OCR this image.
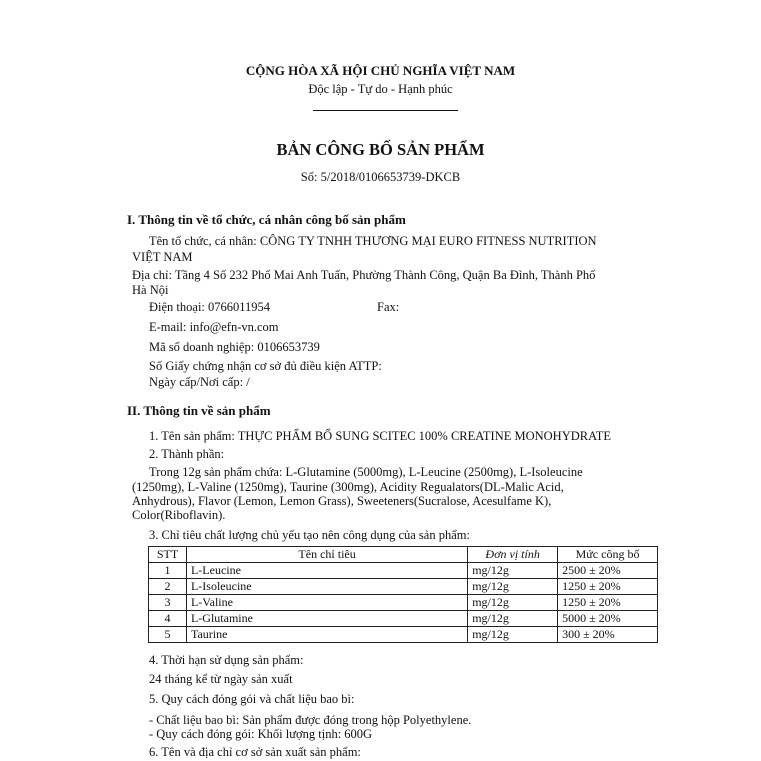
CỘNG HÒA XÃ HỘI CHỦ NGHĨA VIỆT NAM
Độc lập - Tự do - Hạnh phúc
BẢN CÔNG BỐ SẢN PHẨM
Số: 5/2018/0106653739-DKCB
I. Thông tin về tổ chức, cá nhân công bố sản phẩm
Tên tổ chức, cá nhân: CÔNG TY TNHH THƯƠNG MẠI EURO FITNESS NUTRITION
VIỆT NAM
Địa chỉ: Tầng 4 Số 232 Phố Mai Anh Tuấn, Phường Thành Công, Quận Ba Đình, Thành Phố
Hà Nội
Điện thoại: 0766011954	Fax:
E-mail: info@efn-vn.com
Mã số doanh nghiệp: 0106653739
Số Giấy chứng nhận cơ sở đủ điều kiện ATTP:
Ngày cấp/Nơi cấp: /
II. Thông tin về sản phẩm
1. Tên sản phẩm: THỰC PHẨM BỔ SUNG SCITEC 100% CREATINE MONOHYDRATE
2. Thành phần:
Trong 12g sản phẩm chứa: L-Glutamine (5000mg), L-Leucine (2500mg), L-Isoleucine
(1250mg), L-Valine (1250mg), Taurine (300mg), Acidity Regualators(DL-Malic Acid,
Anhydrous), Flavor (Lemon, Lemon Grass), Sweeteners(Sucralose, Acesulfame K),
Color(Riboflavin).
3. Chỉ tiêu chất lượng chủ yếu tạo nên công dụng của sản phẩm:
STT	Tên chỉ tiêu	Đơn vị tính	Mức công bố
1	L-Leucine	mg/12g	2500 ± 20%
2	L-Isoleucine	mg/12g	1250 ± 20%
3	L-Valine	mg/12g	1250 ± 20%
4	L-Glutamine	mg/12g	5000 ± 20%
5	Taurine	mg/12g	300 ± 20%
4. Thời hạn sử dụng sản phẩm:
24 tháng kể từ ngày sản xuất
5. Quy cách đóng gói và chất liệu bao bì:
- Chất liệu bao bì: Sản phẩm được đóng trong hộp Polyethylene.
- Quy cách đóng gói: Khối lượng tịnh: 600G
6. Tên và địa chỉ cơ sở sản xuất sản phẩm:
